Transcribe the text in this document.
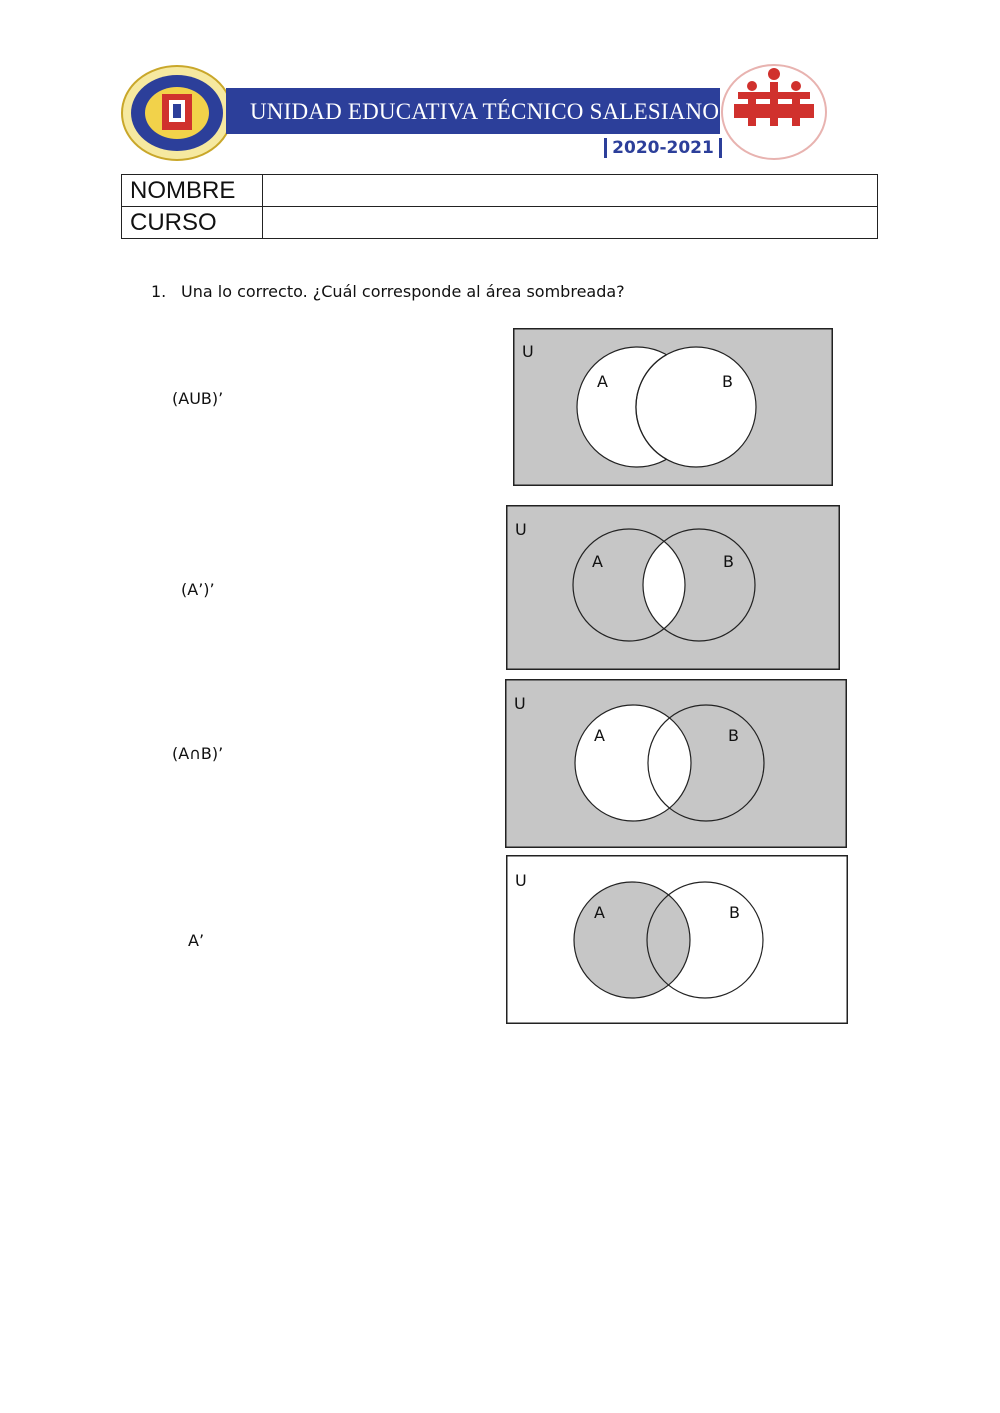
UNIDAD EDUCATIVA TÉCNICO SALESIANO
2020-2021
NOMBRE	
CURSO	
1. Una lo correcto. ¿Cuál corresponde al área sombreada?
(AUB)’
(A’)’
(A∩B)’
A’
U
A	B
U
A	B
U
A	B
U
A	B
